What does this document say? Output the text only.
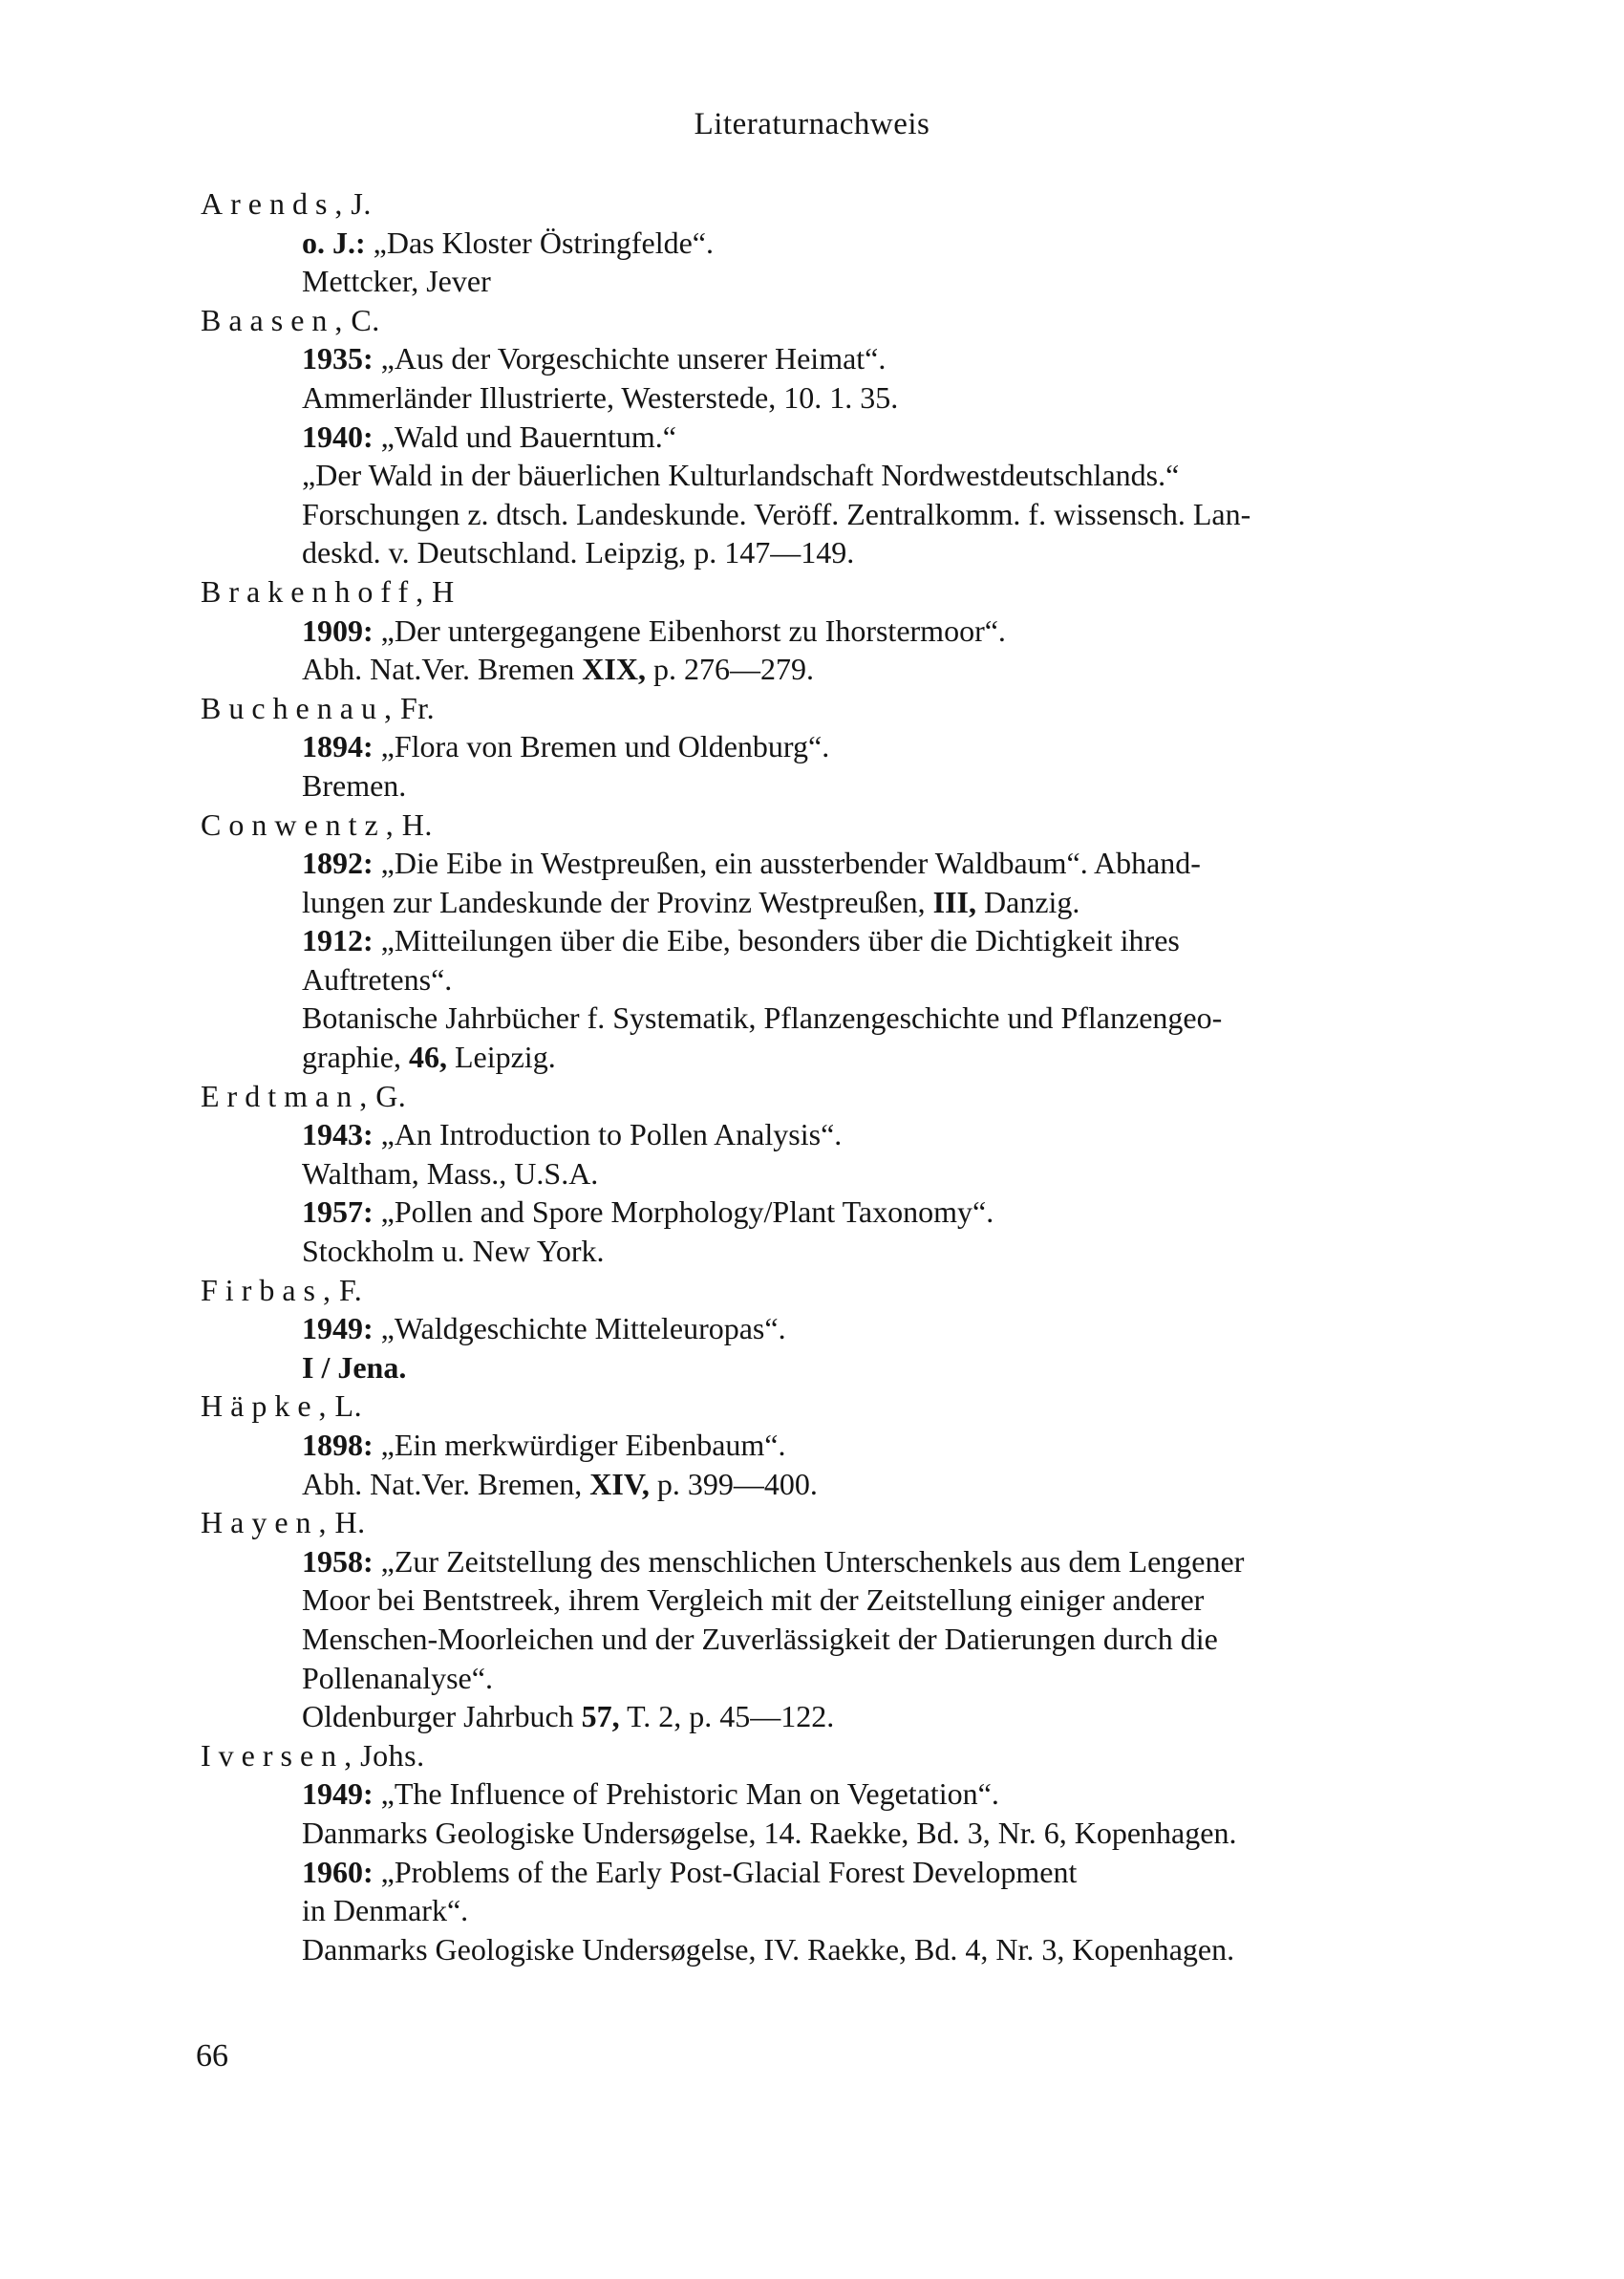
Literaturnachweis
Arends, J.
o. J.: „Das Kloster Östringfelde“.
Mettcker, Jever
Baasen, C.
1935: „Aus der Vorgeschichte unserer Heimat“.
Ammerländer Illustrierte, Westerstede, 10. 1. 35.
1940: „Wald und Bauerntum.“
„Der Wald in der bäuerlichen Kulturlandschaft Nordwestdeutschlands.“
Forschungen z. dtsch. Landeskunde. Veröff. Zentralkomm. f. wissensch. Lan-
deskd. v. Deutschland. Leipzig, p. 147—149.
Brakenhoff, H
1909: „Der untergegangene Eibenhorst zu Ihorstermoor“.
Abh. Nat.Ver. Bremen XIX, p. 276—279.
Buchenau, Fr.
1894: „Flora von Bremen und Oldenburg“.
Bremen.
Conwentz, H.
1892: „Die Eibe in Westpreußen, ein aussterbender Waldbaum“. Abhand-
lungen zur Landeskunde der Provinz Westpreußen, III, Danzig.
1912: „Mitteilungen über die Eibe, besonders über die Dichtigkeit ihres
Auftretens“.
Botanische Jahrbücher f. Systematik, Pflanzengeschichte und Pflanzengeo-
graphie, 46, Leipzig.
Erdtman, G.
1943: „An Introduction to Pollen Analysis“.
Waltham, Mass., U.S.A.
1957: „Pollen and Spore Morphology/Plant Taxonomy“.
Stockholm u. New York.
Firbas, F.
1949: „Waldgeschichte Mitteleuropas“.
I / Jena.
Häpke, L.
1898: „Ein merkwürdiger Eibenbaum“.
Abh. Nat.Ver. Bremen, XIV, p. 399—400.
Hayen, H.
1958: „Zur Zeitstellung des menschlichen Unterschenkels aus dem Lengener
Moor bei Bentstreek, ihrem Vergleich mit der Zeitstellung einiger anderer
Menschen-Moorleichen und der Zuverlässigkeit der Datierungen durch die
Pollenanalyse“.
Oldenburger Jahrbuch 57, T. 2, p. 45—122.
Iversen, Johs.
1949: „The Influence of Prehistoric Man on Vegetation“.
Danmarks Geologiske Undersøgelse, 14. Raekke, Bd. 3, Nr. 6, Kopenhagen.
1960: „Problems of the Early Post-Glacial Forest Development
in Denmark“.
Danmarks Geologiske Undersøgelse, IV. Raekke, Bd. 4, Nr. 3, Kopenhagen.
66
